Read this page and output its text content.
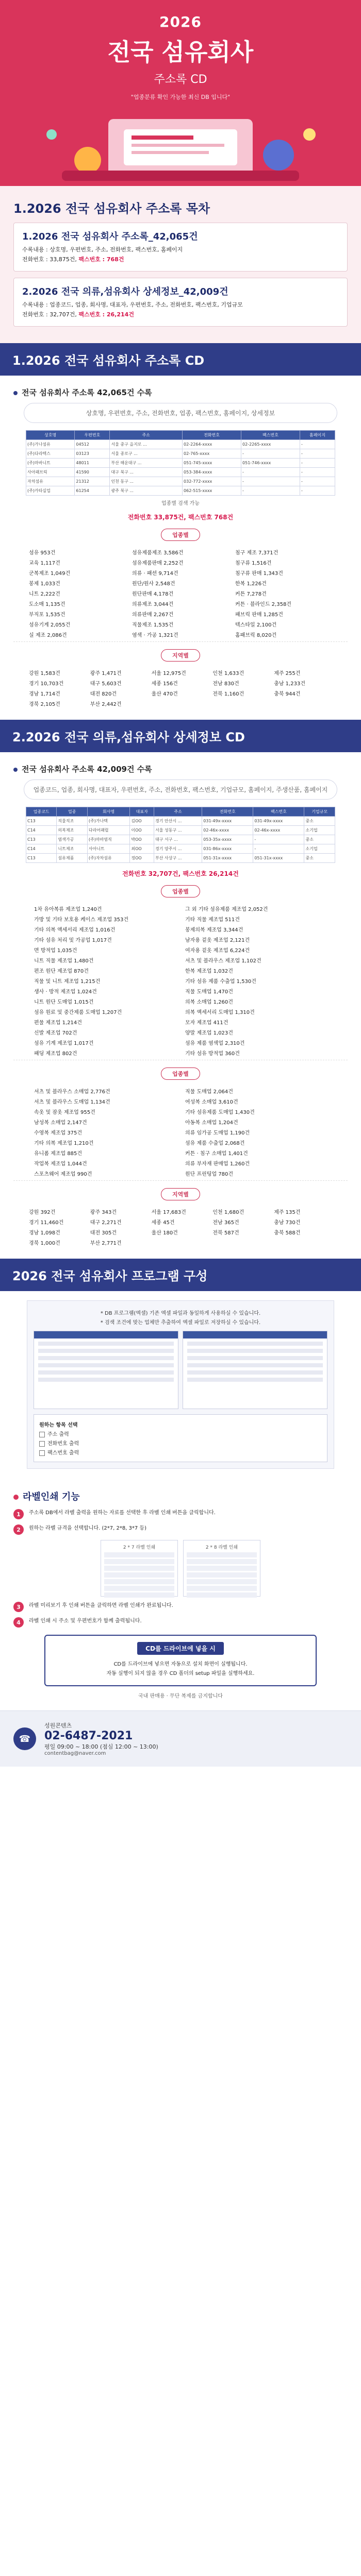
2026
전국 섬유회사
주소록 CD
"업종분류 확인 가능한 최신 DB 입니다"
1.2026 전국 섬유회사 주소록 목차
1.2026 전국 섬유회사 주소록_42,065건

수록내용 : 상호명, 우편번호, 주소, 전화번호, 팩스번호, 홈페이지

전화번호 : 33,875건, 팩스번호 : 768건

2.2026 전국 의류,섬유회사 상세정보_42,009건

수록내용 : 업종코드, 업종, 회사명, 대표자, 우편번호, 주소, 전화번호, 팩스번호, 기업규모

전화번호 : 32,707건, 팩스번호 : 26,214건

1.2026 전국 섬유회사 주소록 CD
전국 섬유회사 주소록 42,065건 수록
상호명, 우편번호, 주소, 전화번호, 업종, 팩스번호, 홈페이지, 상세정보
상호명	우편번호	주소	전화번호	팩스번호	홈페이지
(주)가나섬유	04512	서울 중구 을지로 ...	02-2264-xxxx	02-2265-xxxx	-
(주)다라텍스	03123	서울 종로구 ...	02-765-xxxx	-	-
(주)마바니트	48011	부산 해운대구 ...	051-745-xxxx	051-746-xxxx	-
사아패브릭	41590	대구 북구 ...	053-384-xxxx	-	-
자차섬유	21312	인천 동구 ...	032-772-xxxx	-	-
(주)카타실업	61254	광주 북구 ...	062-515-xxxx	-	-
업종별 검색 가능
전화번호 33,875건, 팩스번호 768건
업종별
섬유 953건	섬유제품제조 3,586건	침구 제조 7,371건
교육 1,117건	섬유제품판매 2,252건	침구류 1,516건
군복제조 1,049건	의류 · 패션 9,714건	침구류 판매 1,343건
봉제 1,033건	원단/원사 2,548건	한복 1,226건
니트 2,222건	원단판매 4,178건	커튼 7,278건
도소매 1,135건	의류제조 3,044건	커튼 · 블라인드 2,358건
부직포 1,535건	의류판매 2,267건	패브릭 판매 1,285건
섬유기계 2,055건	직물제조 1,535건	텍스타일 2,100건
실 제조 2,086건	염색 · 가공 1,321건	홈패브릭 8,020건
지역별
강원 1,583건	광주 1,471건	서울 12,975건	인천 1,633건	제주 255건
경기 10,703건	대구 5,603건	세종 156건	전남 830건	충남 1,233건
경남 1,714건	대전 820건	울산 470건	전북 1,160건	충북 944건
경북 2,105건	부산 2,442건
2.2026 전국 의류,섬유회사 상세정보 CD
전국 섬유회사 주소록 42,009건 수록
업종코드, 업종, 회사명, 대표자, 우편번호, 주소, 전화번호, 팩스번호, 기업규모, 홈페이지, 주생산품, 홈페이지
업종코드	업종	회사명	대표자	주소	전화번호	팩스번호	기업규모
C13	직물직조	(주)가나텍	김OO	경기 안산시 ...	031-49x-xxxx	031-49x-xxxx	중소
C14	의복제조	다라어패럴	이OO	서울 성동구 ...	02-46x-xxxx	02-46x-xxxx	소기업
C13	염색가공	(주)마바염직	박OO	대구 서구 ...	053-35x-xxxx	-	중소
C14	니트제조	사아니트	최OO	경기 양주시 ...	031-86x-xxxx	-	소기업
C13	섬유제품	(주)자차섬유	정OO	부산 사상구 ...	051-31x-xxxx	051-31x-xxxx	중소
전화번호 32,707건, 팩스번호 26,214건
업종별
1차 유아복류 제조업 1,240건	그 외 기타 섬유제품 제조업 2,052건
가방 및 기타 보호용 케이스 제조업 353건	기타 직물 제조업 511건
기타 의복 액세서리 제조업 1,016건	봉제의복 제조업 3,344건
기타 섬유 처리 및 가공업 1,017건	남자용 겉옷 제조업 2,121건
면 방적업 1,035건	여자용 겉옷 제조업 6,224건
니트 직물 제조업 1,480건	셔츠 및 블라우스 제조업 1,102건
편조 원단 제조업 870건	한복 제조업 1,032건
직물 및 니트 제조업 1,215건	기타 섬유 제품 수출업 1,530건
생사 · 방적 제조업 1,024건	직물 도매업 1,470건
니트 원단 도매업 1,015건	의복 소매업 1,260건
섬유 원료 및 중간제품 도매업 1,207건	의복 액세서리 도매업 1,310건
편물 제조업 1,214건	모자 제조업 411건
신발 제조업 702건	양말 제조업 1,023건
섬유 기계 제조업 1,017건	섬유 제품 염색업 2,310건
패딩 제조업 802건	기타 섬유 방적업 360건
업종별
셔츠 및 블라우스 소매업 2,776건	직물 도매업 2,064건
셔츠 및 블라우스 도매업 1,134건	여성복 소매업 3,610건
속옷 및 잠옷 제조업 955건	기타 섬유제품 도매업 1,430건
남성복 소매업 2,147건	아동복 소매업 1,204건
수영복 제조업 375건	의류 임가공 도매업 1,190건
기타 의복 제조업 1,210건	섬유 제품 수출업 2,068건
유니폼 제조업 885건	커튼 · 침구 소매업 1,401건
작업복 제조업 1,044건	의류 부자재 판매업 1,260건
스포츠웨어 제조업 990건	원단 프린팅업 780건
지역별
강원 392건	광주 343건	서울 17,683건	인천 1,680건	제주 135건
경기 11,460건	대구 2,271건	세종 45건	전남 365건	충남 730건
경남 1,098건	대전 305건	울산 180건	전북 587건	충북 588건
경북 1,000건	부산 2,771건
2026 전국 섬유회사 프로그램 구성
* DB 프로그램(엑셀) 기존 엑셀 파일과 동일하게 사용하실 수 있습니다.
* 검색 조건에 맞는 업체만 추출하여 엑셀 파일로 저장하실 수 있습니다.
원하는 항목 선택
주소 출력
전화번호 출력
팩스번호 출력
라벨인쇄 기능
1	주소록 DB에서 라벨 출력을 원하는 자료를 선택한 후 라벨 인쇄 버튼을 클릭합니다.
2	원하는 라벨 규격을 선택합니다. (2*7, 2*8, 3*7 등)
2 * 7 라벨 인쇄	2 * 8 라벨 인쇄
3	라벨 미리보기 후 인쇄 버튼을 클릭하면 라벨 인쇄가 완료됩니다.
4	라벨 인쇄 시 주소 및 우편번호가 함께 출력됩니다.
CD를 드라이브에 넣을 시

CD를 드라이브에 넣으면 자동으로 설치 화면이 실행됩니다.

자동 실행이 되지 않을 경우 CD 폴더의 setup 파일을 실행하세요.

국내 판매용 · 무단 복제를 금지합니다
☎
성원콘텐츠
02-6487-2021
평일 09:00 ~ 18:00 (점심 12:00 ~ 13:00)
contentbag@naver.com
